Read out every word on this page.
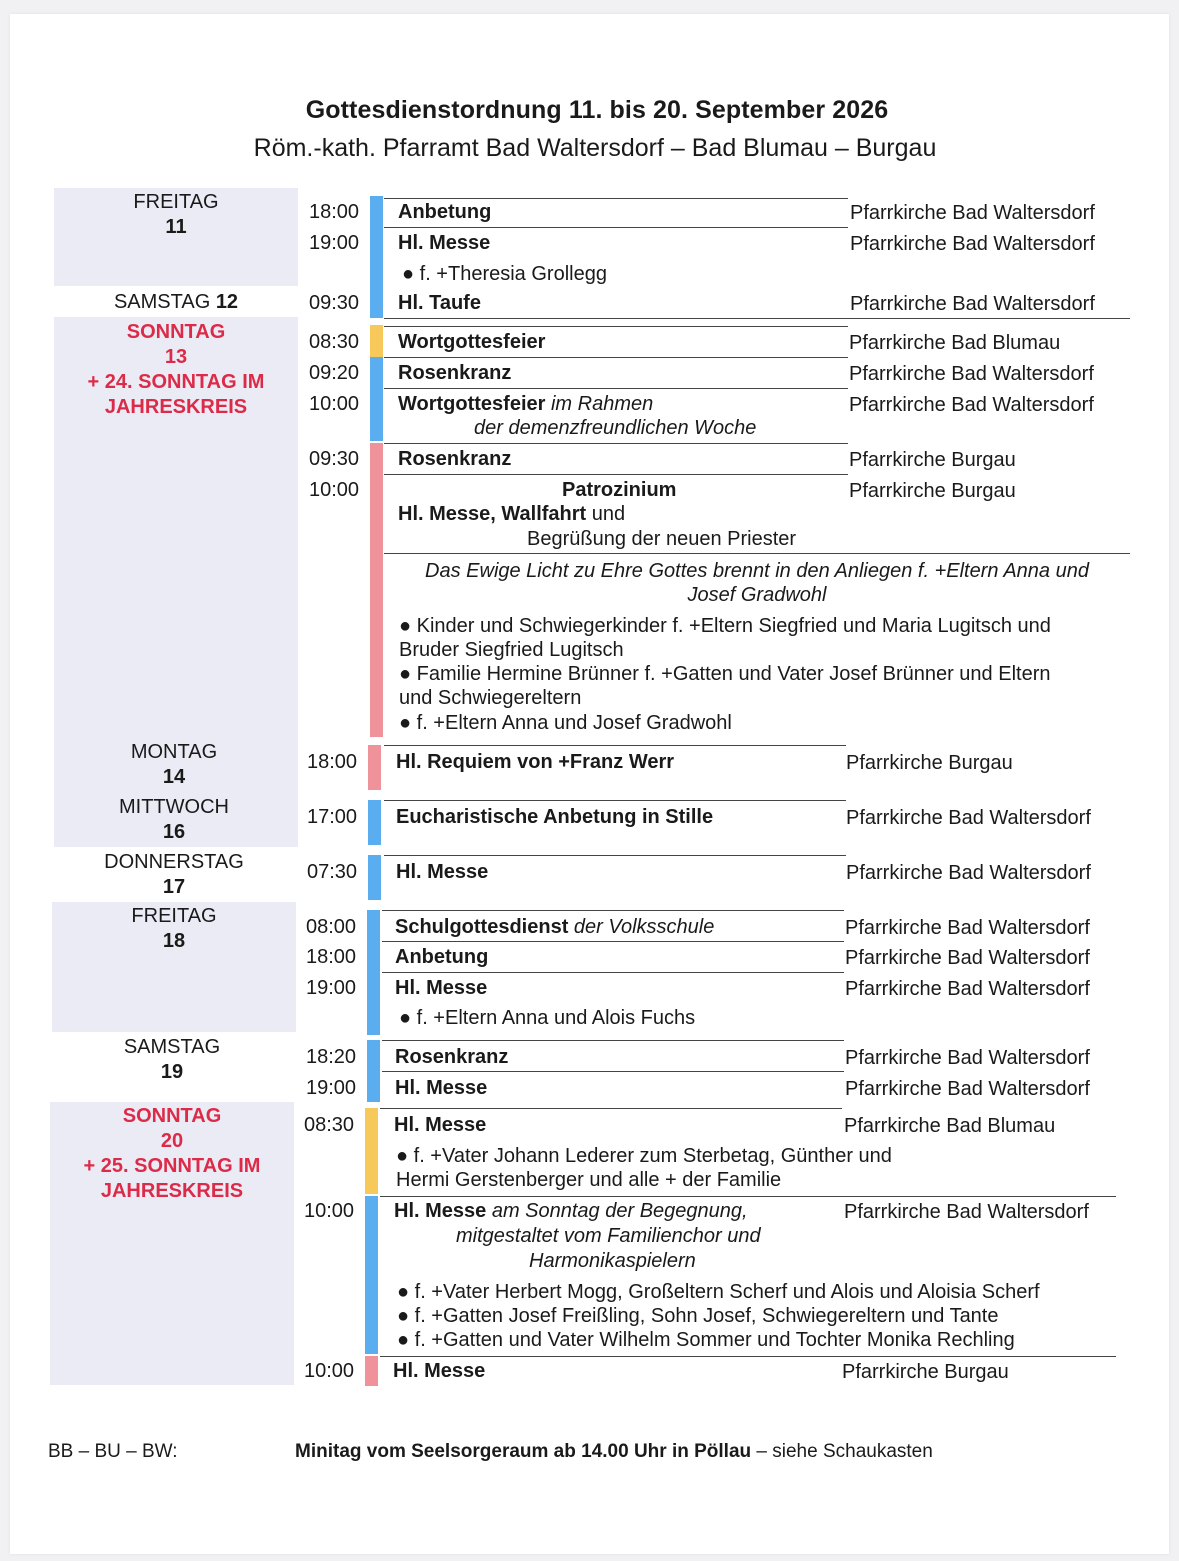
Gottesdienstordnung 11. bis 20. September 2026
Röm.-kath. Pfarramt Bad Waltersdorf – Bad Blumau – Burgau
FREITAG
11
SAMSTAG 12
SONNTAG
13
+ 24. SONNTAG IM
JAHRESKREIS
MONTAG
14
MITTWOCH
16
DONNERSTAG
17
FREITAG
18
SAMSTAG
19
SONNTAG
20
+ 25. SONNTAG IM
JAHRESKREIS
18:00
19:00
09:30
08:30
09:20
10:00
09:30
10:00
18:00
17:00
07:30
08:00
18:00
19:00
18:20
19:00
08:30
10:00
10:00
Anbetung
Hl. Messe
● f. +Theresia Grollegg
Hl. Taufe
Wortgottesfeier
Rosenkranz
Wortgottesfeier im Rahmen
der demenzfreundlichen Woche
Rosenkranz
Patrozinium
Hl. Messe, Wallfahrt und
Begrüßung der neuen Priester
Das Ewige Licht zu Ehre Gottes brennt in den Anliegen f. +Eltern Anna und
Josef Gradwohl
● Kinder und Schwiegerkinder f. +Eltern Siegfried und Maria Lugitsch und
Bruder Siegfried Lugitsch
● Familie Hermine Brünner f. +Gatten und Vater Josef Brünner und Eltern
und Schwiegereltern
● f. +Eltern Anna und Josef Gradwohl
Hl. Requiem von +Franz Werr
Eucharistische Anbetung in Stille
Hl. Messe
Schulgottesdienst der Volksschule
Anbetung
Hl. Messe
● f. +Eltern Anna und Alois Fuchs
Rosenkranz
Hl. Messe
Hl. Messe
● f. +Vater Johann Lederer zum Sterbetag, Günther und
Hermi Gerstenberger und alle + der Familie
Hl. Messe am Sonntag der Begegnung,
mitgestaltet vom Familienchor und
Harmonikaspielern
● f. +Vater Herbert Mogg, Großeltern Scherf und Alois und Aloisia Scherf
● f. +Gatten Josef Freißling, Sohn Josef, Schwiegereltern und Tante
● f. +Gatten und Vater Wilhelm Sommer und Tochter Monika Rechling
Hl. Messe
Pfarrkirche Bad Waltersdorf
Pfarrkirche Bad Waltersdorf
Pfarrkirche Bad Waltersdorf
Pfarrkirche Bad Blumau
Pfarrkirche Bad Waltersdorf
Pfarrkirche Bad Waltersdorf
Pfarrkirche Burgau
Pfarrkirche Burgau
Pfarrkirche Burgau
Pfarrkirche Bad Waltersdorf
Pfarrkirche Bad Waltersdorf
Pfarrkirche Bad Waltersdorf
Pfarrkirche Bad Waltersdorf
Pfarrkirche Bad Waltersdorf
Pfarrkirche Bad Waltersdorf
Pfarrkirche Bad Waltersdorf
Pfarrkirche Bad Blumau
Pfarrkirche Bad Waltersdorf
Pfarrkirche Burgau
BB – BU – BW:	Minitag vom Seelsorgeraum ab 14.00 Uhr in Pöllau – siehe Schaukasten
